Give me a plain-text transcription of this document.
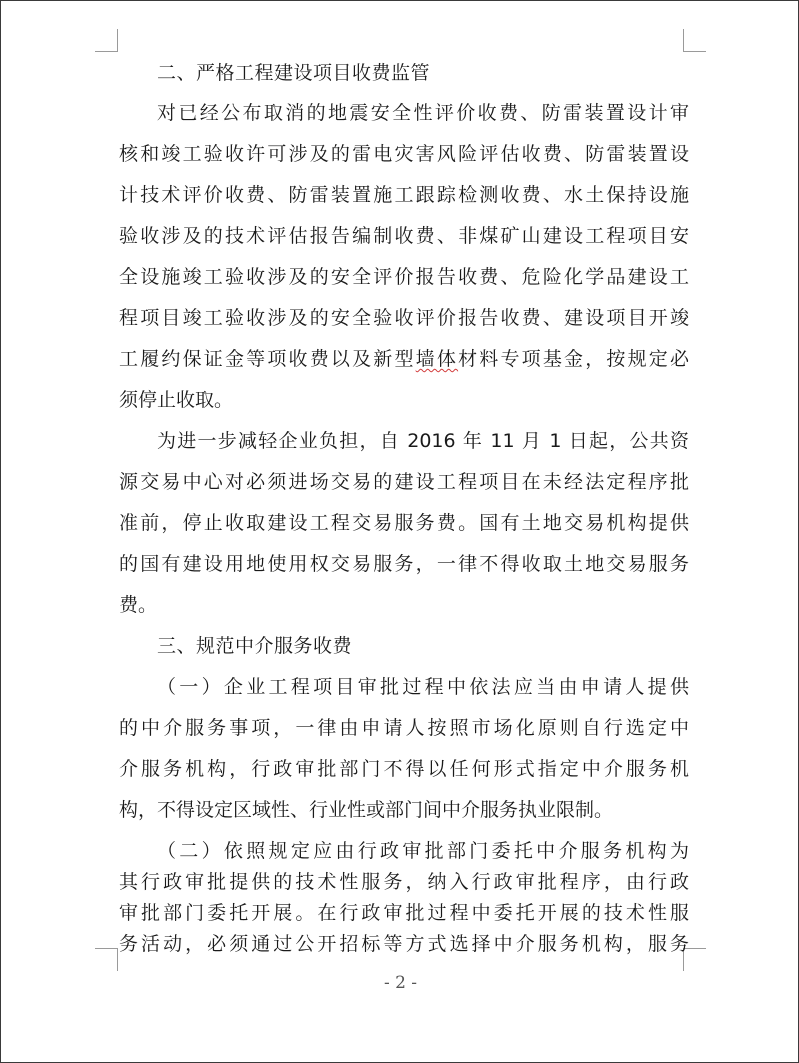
二、严格工程建设项目收费监管
对已经公布取消的地震安全性评价收费、防雷装置设计审
核和竣工验收许可涉及的雷电灾害风险评估收费、防雷装置设
计技术评价收费、防雷装置施工跟踪检测收费、水土保持设施
验收涉及的技术评估报告编制收费、非煤矿山建设工程项目安
全设施竣工验收涉及的安全评价报告收费、危险化学品建设工
程项目竣工验收涉及的安全验收评价报告收费、建设项目开竣
工履约保证金等项收费以及新型墙体材料专项基金，按规定必
须停止收取。
为进一步减轻企业负担，自 2016 年 11 月 1 日起，公共资
源交易中心对必须进场交易的建设工程项目在未经法定程序批
准前，停止收取建设工程交易服务费。国有土地交易机构提供
的国有建设用地使用权交易服务，一律不得收取土地交易服务
费。
三、规范中介服务收费
（一）企业工程项目审批过程中依法应当由申请人提供
的中介服务事项，一律由申请人按照市场化原则自行选定中
介服务机构，行政审批部门不得以任何形式指定中介服务机
构，不得设定区域性、行业性或部门间中介服务执业限制。
（二）依照规定应由行政审批部门委托中介服务机构为
其行政审批提供的技术性服务，纳入行政审批程序，由行政
审批部门委托开展。在行政审批过程中委托开展的技术性服
- 2 -
务活动，必须通过公开招标等方式选择中介服务机构，服务
